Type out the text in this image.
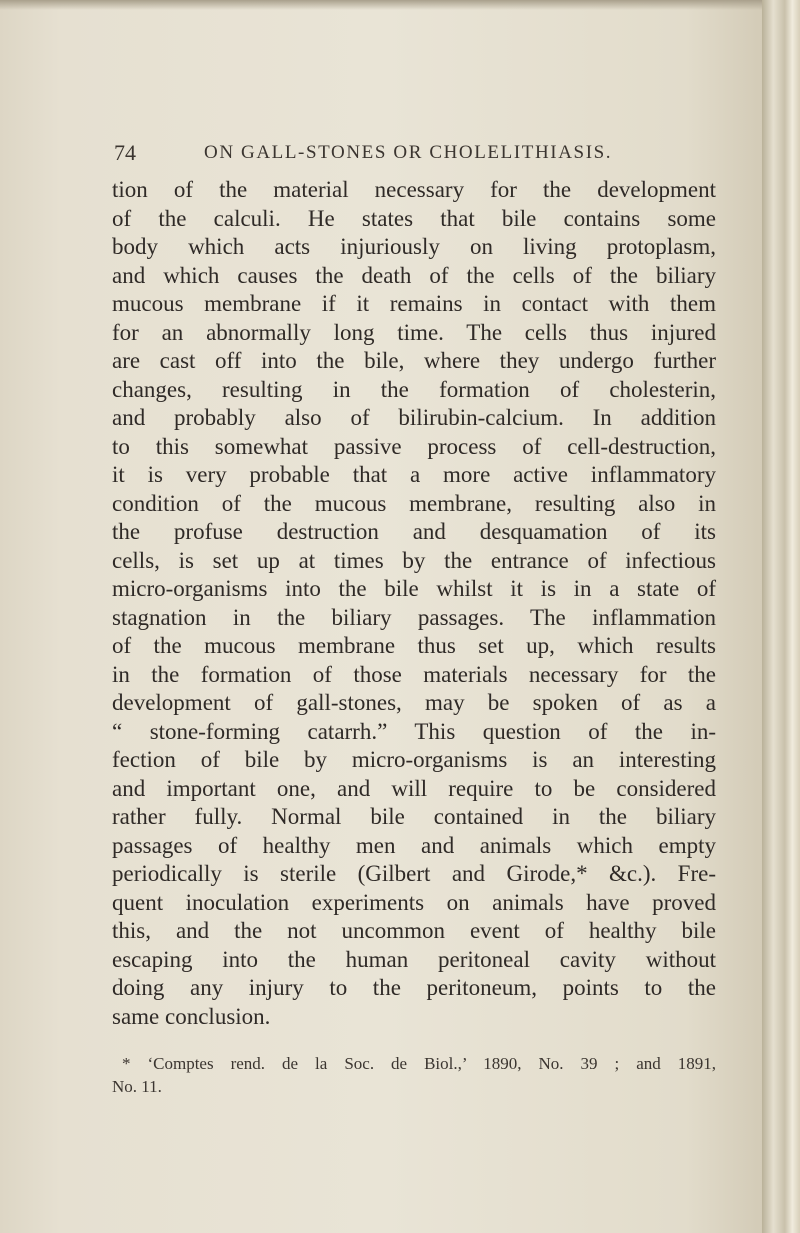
74	ON GALL-STONES OR CHOLELITHIASIS.
tion of the material necessary for the development
of the calculi. He states that bile contains some
body which acts injuriously on living protoplasm,
and which causes the death of the cells of the biliary
mucous membrane if it remains in contact with them
for an abnormally long time. The cells thus injured
are cast off into the bile, where they undergo further
changes, resulting in the formation of cholesterin,
and probably also of bilirubin-calcium. In addition
to this somewhat passive process of cell-destruction,
it is very probable that a more active inflammatory
condition of the mucous membrane, resulting also in
the profuse destruction and desquamation of its
cells, is set up at times by the entrance of infectious
micro-organisms into the bile whilst it is in a state of
stagnation in the biliary passages. The inflammation
of the mucous membrane thus set up, which results
in the formation of those materials necessary for the
development of gall-stones, may be spoken of as a
“ stone-forming catarrh.” This question of the in-
fection of bile by micro-organisms is an interesting
and important one, and will require to be considered
rather fully. Normal bile contained in the biliary
passages of healthy men and animals which empty
periodically is sterile (Gilbert and Girode,* &c.). Fre-
quent inoculation experiments on animals have proved
this, and the not uncommon event of healthy bile
escaping into the human peritoneal cavity without
doing any injury to the peritoneum, points to the
same conclusion.
* ‘Comptes rend. de la Soc. de Biol.,’ 1890, No. 39 ; and 1891,
No. 11.
